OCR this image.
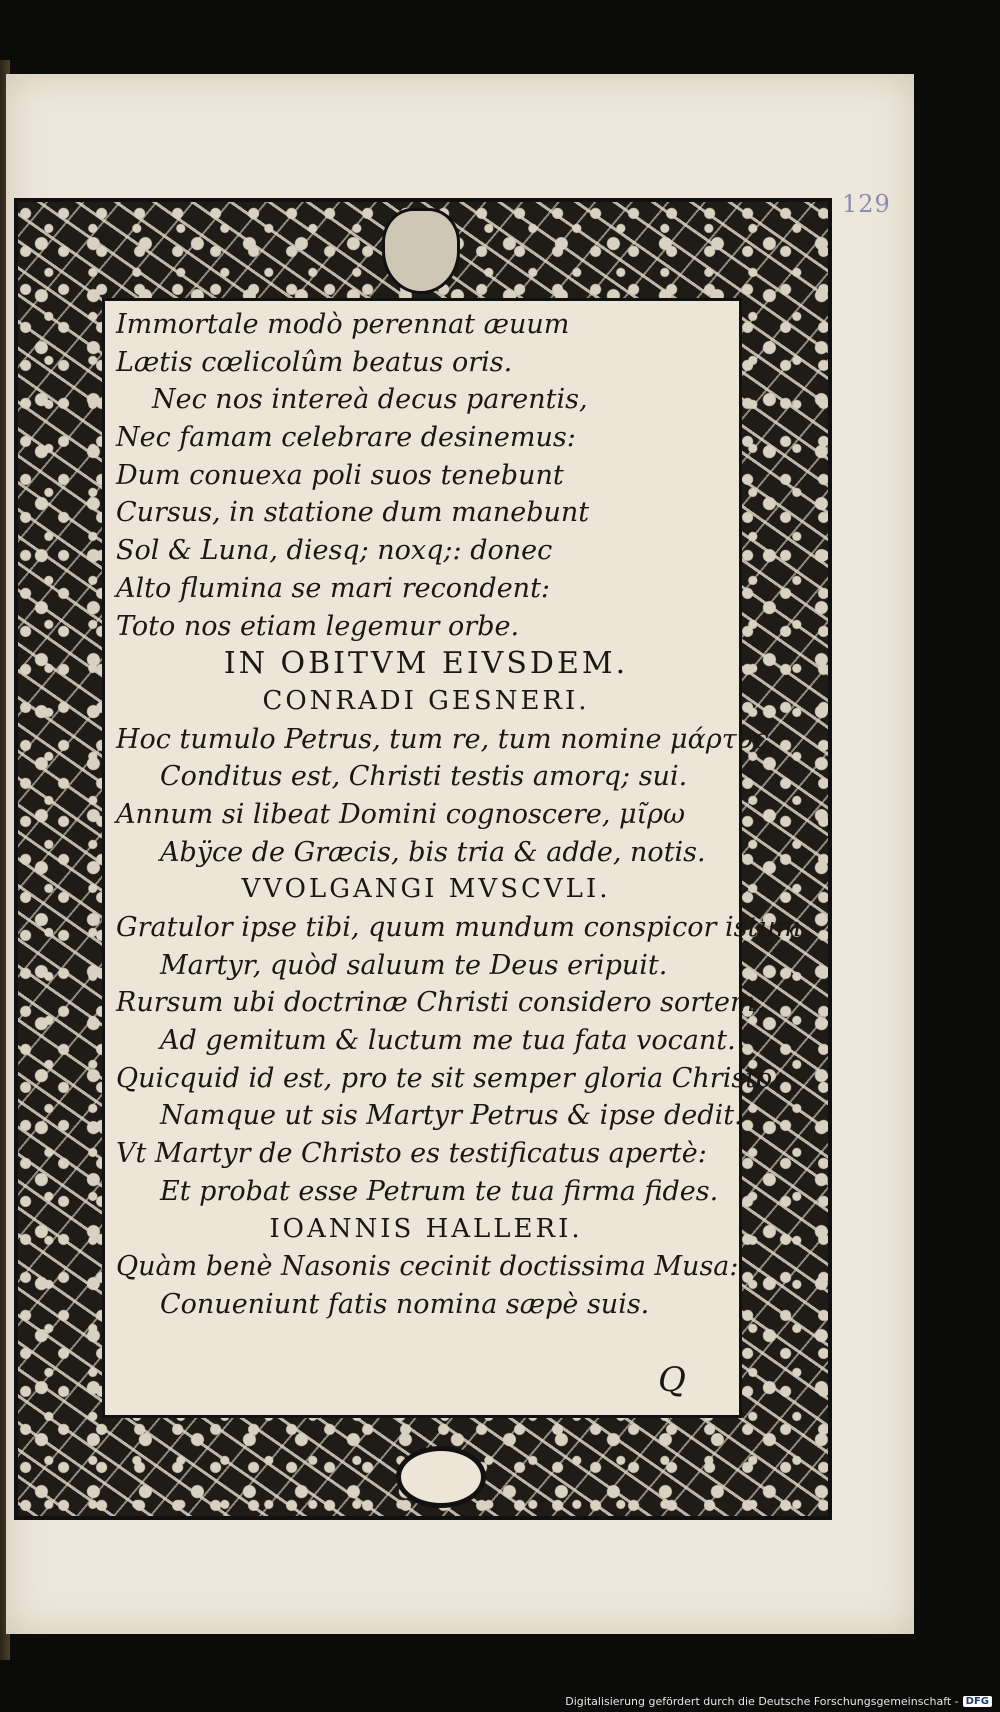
129
Immortale modò perennat æuum
Lætis cœlicolûm beatus oris.
Nec nos intereà decus parentis,
Nec famam celebrare desinemus:
Dum conuexa poli suos tenebunt
Cursus, in statione dum manebunt
Sol & Luna, diesq; noxq;: donec
Alto flumina se mari recondent:
Toto nos etiam legemur orbe.
IN OBITVM EIVSDEM.
CONRADI GESNERI.
Hoc tumulo Petrus, tum re, tum nomine μάρτυς,
Conditus est, Christi testis amorq; sui.
Annum si libeat Domini cognoscere, μῖρω
Abÿce de Græcis, bis tria & adde, notis.
VVOLGANGI MVSCVLI.
Gratulor ipse tibi, quum mundum conspicor istum
Martyr, quòd saluum te Deus eripuit.
Rursum ubi doctrinæ Christi considero sortem,
Ad gemitum & luctum me tua fata vocant.
Quicquid id est, pro te sit semper gloria Christo:
Namque ut sis Martyr Petrus & ipse dedit.
Vt Martyr de Christo es testificatus apertè:
Et probat esse Petrum te tua firma fides.
IOANNIS HALLERI.
Quàm benè Nasonis cecinit doctissima Musa:
Conueniunt fatis nomina sæpè suis.
Q
Digitalisierung gefördert durch die Deutsche Forschungsgemeinschaft - DFG
